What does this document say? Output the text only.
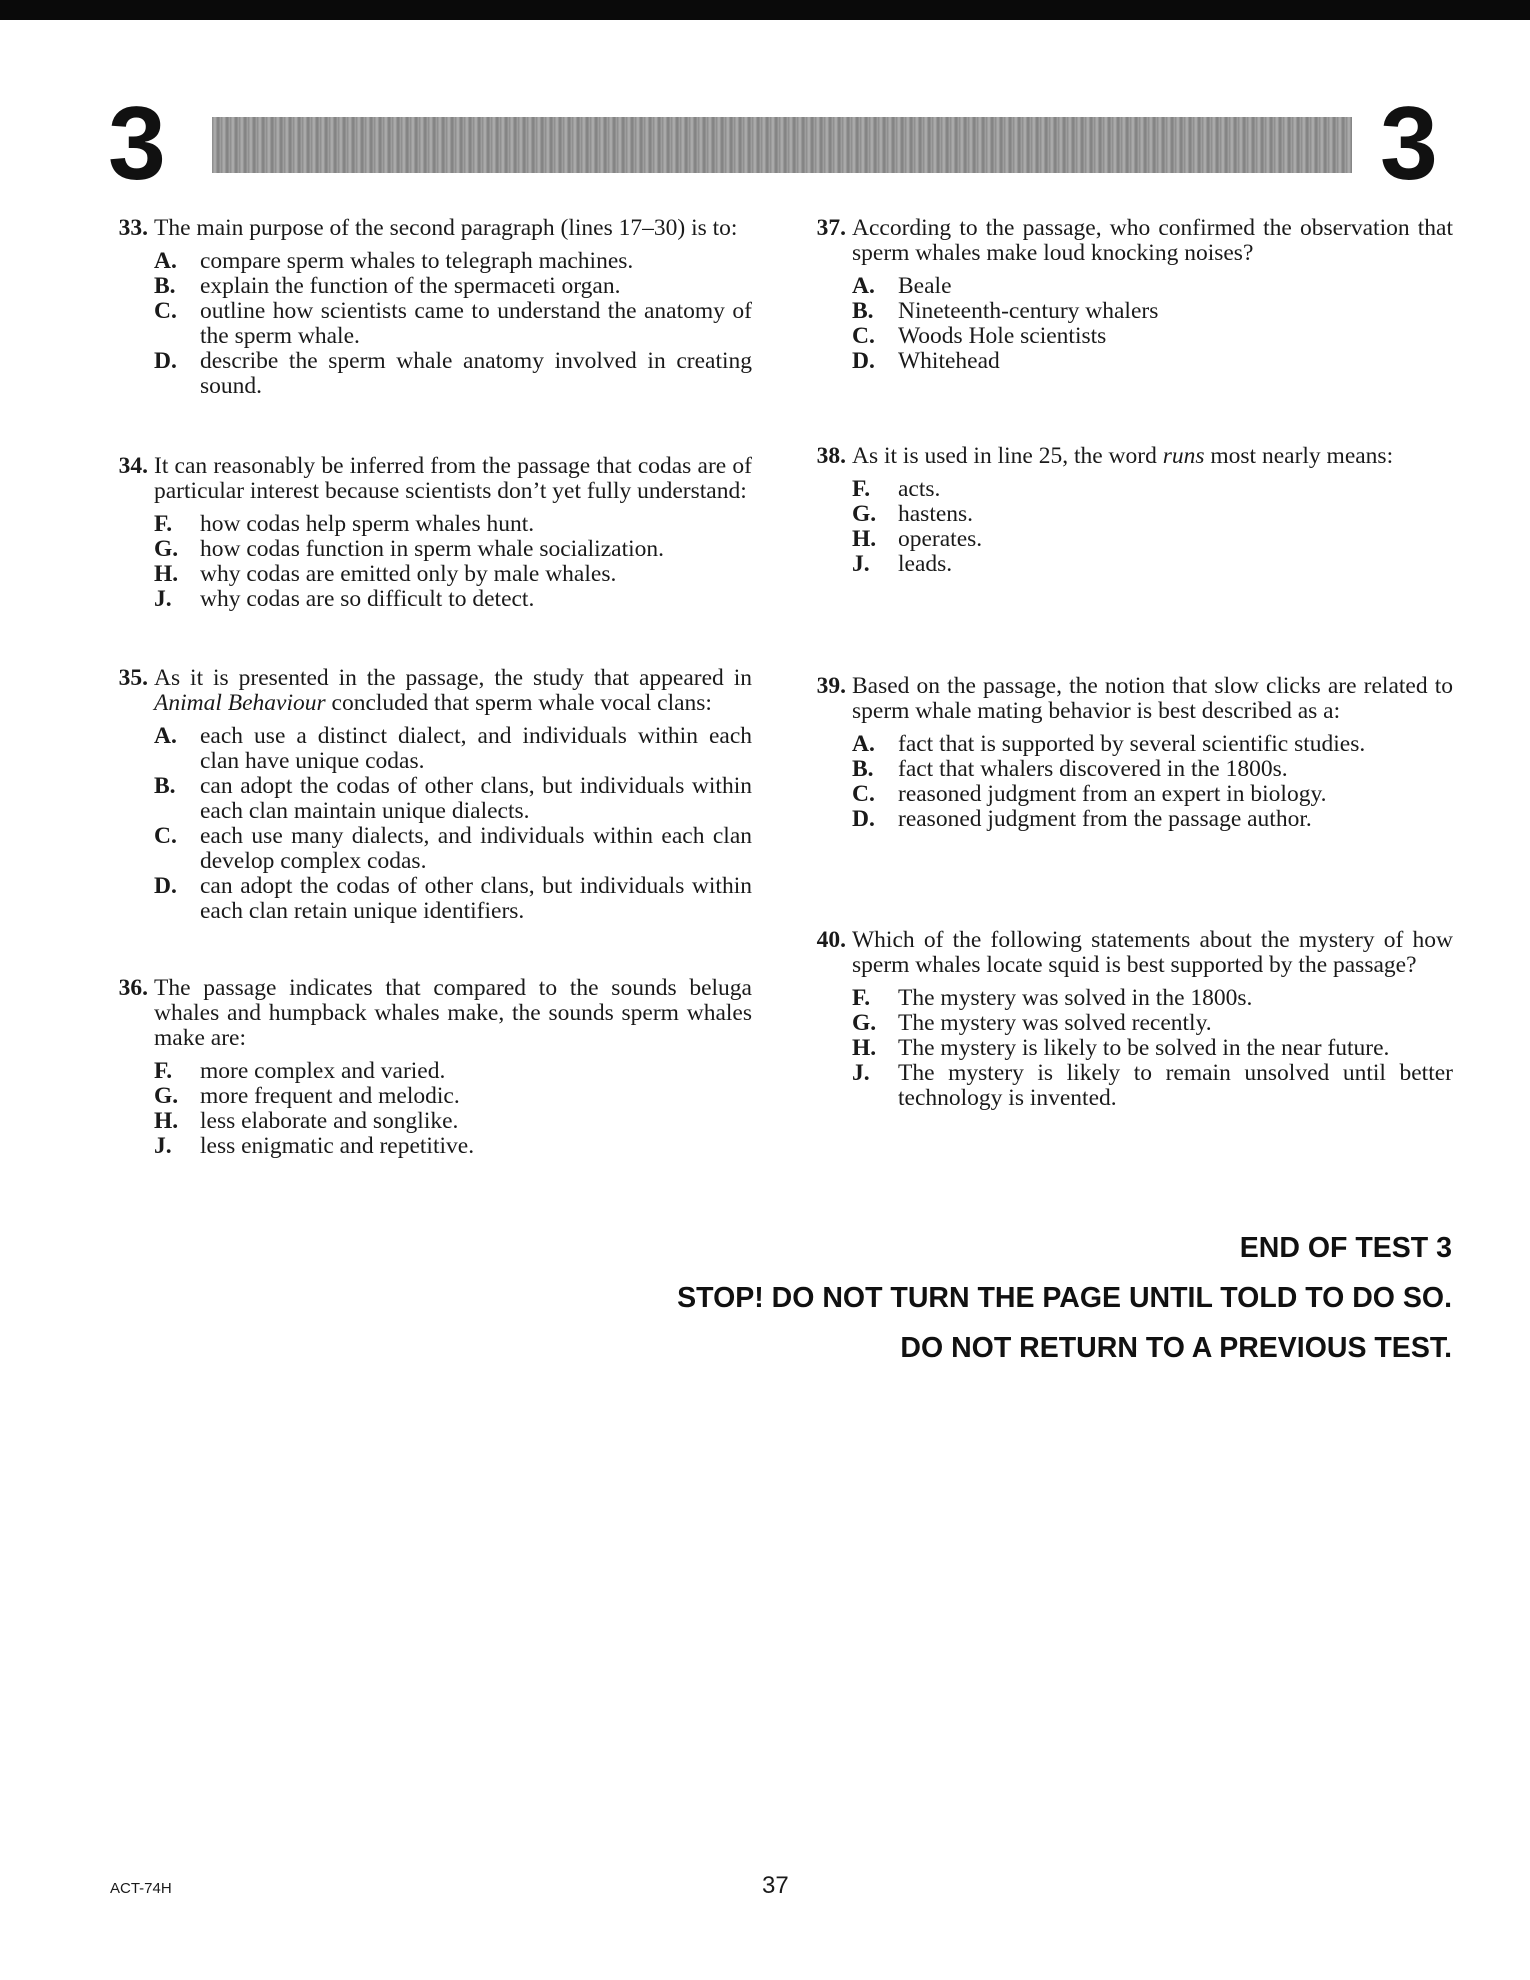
3	3
33. The main purpose of the second paragraph (lines 17–30) is to:
A. compare sperm whales to telegraph machines.
B.	explain the function of the spermaceti organ.
C. outline how scientists came to understand the anatomy of the sperm whale.
D. describe the sperm whale anatomy involved in creating sound.
34. It can reasonably be inferred from the passage that codas are of particular interest because scientists don’t yet fully understand:
F.	how codas help sperm whales hunt.
G. how codas function in sperm whale socialization.
H. why codas are emitted only by male whales.
J.	why codas are so difficult to detect.
35. As it is presented in the passage, the study that appeared in Animal Behaviour concluded that sperm whale vocal clans:
A. each use a distinct dialect, and individuals within each clan have unique codas.
B.	can adopt the codas of other clans, but individuals within each clan maintain unique dialects.
C. each use many dialects, and individuals within each clan develop complex codas.
D. can adopt the codas of other clans, but individuals within each clan retain unique identifiers.
36. The passage indicates that compared to the sounds beluga whales and humpback whales make, the sounds sperm whales make are:
F.	more complex and varied.
G. more frequent and melodic.
H. less elaborate and songlike.
J.	less enigmatic and repetitive.
37. According to the passage, who confirmed the observation that sperm whales make loud knocking noises?
A. Beale
B.	Nineteenth-century whalers
C. Woods Hole scientists
D. Whitehead
38. As it is used in line 25, the word runs most nearly means:
F.	acts.
G. hastens.
H. operates.
J.	leads.
39. Based on the passage, the notion that slow clicks are related to sperm whale mating behavior is best described as a:
A. fact that is supported by several scientific studies.
B.	fact that whalers discovered in the 1800s.
C. reasoned judgment from an expert in biology.
D. reasoned judgment from the passage author.
40. Which of the following statements about the mystery of how sperm whales locate squid is best supported by the passage?
F.	The mystery was solved in the 1800s.
G. The mystery was solved recently.
H. The mystery is likely to be solved in the near future.
J.	The mystery is likely to remain unsolved until better technology is invented.
END OF TEST 3
STOP! DO NOT TURN THE PAGE UNTIL TOLD TO DO SO.
DO NOT RETURN TO A PREVIOUS TEST.
ACT-74H	37
